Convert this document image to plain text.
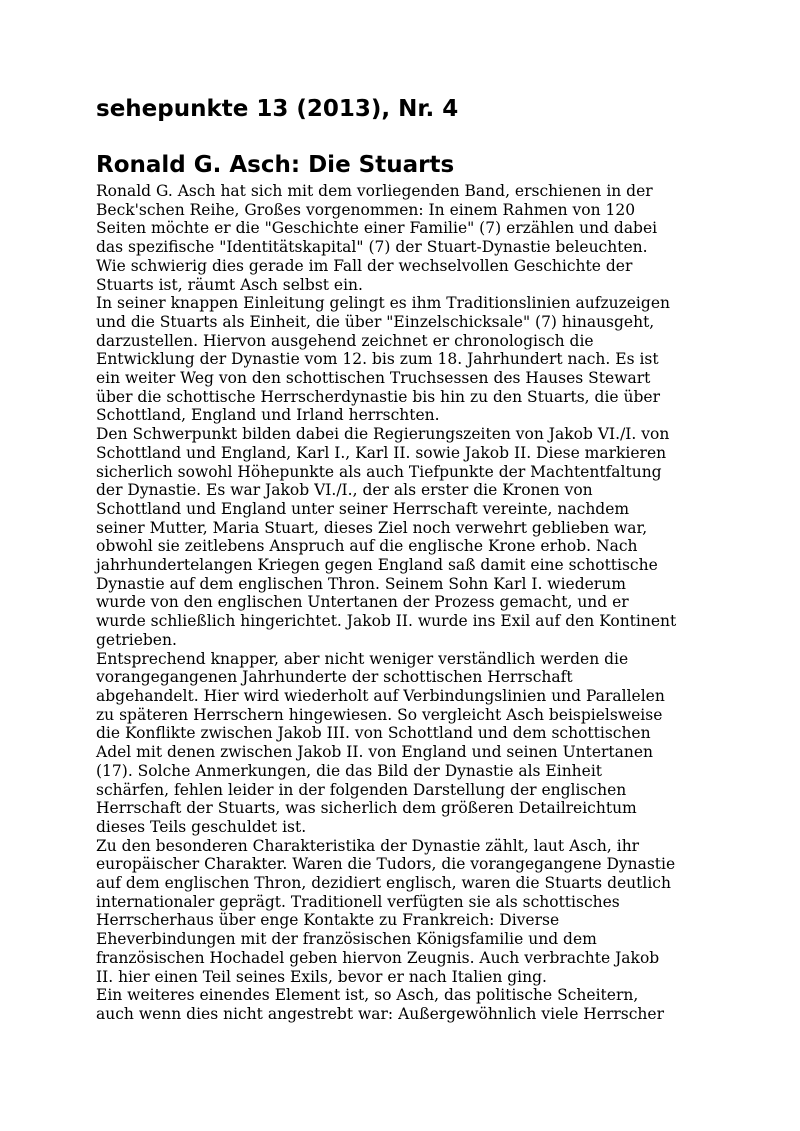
sehepunkte 13 (2013), Nr. 4
Ronald G. Asch: Die Stuarts
Ronald G. Asch hat sich mit dem vorliegenden Band, erschienen in der
Beck'schen Reihe, Großes vorgenommen: In einem Rahmen von 120
Seiten möchte er die "Geschichte einer Familie" (7) erzählen und dabei
das spezifische "Identitätskapital" (7) der Stuart-Dynastie beleuchten.
Wie schwierig dies gerade im Fall der wechselvollen Geschichte der
Stuarts ist, räumt Asch selbst ein.
In seiner knappen Einleitung gelingt es ihm Traditionslinien aufzuzeigen
und die Stuarts als Einheit, die über "Einzelschicksale" (7) hinausgeht,
darzustellen. Hiervon ausgehend zeichnet er chronologisch die
Entwicklung der Dynastie vom 12. bis zum 18. Jahrhundert nach. Es ist
ein weiter Weg von den schottischen Truchsessen des Hauses Stewart
über die schottische Herrscherdynastie bis hin zu den Stuarts, die über
Schottland, England und Irland herrschten.
Den Schwerpunkt bilden dabei die Regierungszeiten von Jakob VI./I. von
Schottland und England, Karl I., Karl II. sowie Jakob II. Diese markieren
sicherlich sowohl Höhepunkte als auch Tiefpunkte der Machtentfaltung
der Dynastie. Es war Jakob VI./I., der als erster die Kronen von
Schottland und England unter seiner Herrschaft vereinte, nachdem
seiner Mutter, Maria Stuart, dieses Ziel noch verwehrt geblieben war,
obwohl sie zeitlebens Anspruch auf die englische Krone erhob. Nach
jahrhundertelangen Kriegen gegen England saß damit eine schottische
Dynastie auf dem englischen Thron. Seinem Sohn Karl I. wiederum
wurde von den englischen Untertanen der Prozess gemacht, und er
wurde schließlich hingerichtet. Jakob II. wurde ins Exil auf den Kontinent
getrieben.
Entsprechend knapper, aber nicht weniger verständlich werden die
vorangegangenen Jahrhunderte der schottischen Herrschaft
abgehandelt. Hier wird wiederholt auf Verbindungslinien und Parallelen
zu späteren Herrschern hingewiesen. So vergleicht Asch beispielsweise
die Konflikte zwischen Jakob III. von Schottland und dem schottischen
Adel mit denen zwischen Jakob II. von England und seinen Untertanen
(17). Solche Anmerkungen, die das Bild der Dynastie als Einheit
schärfen, fehlen leider in der folgenden Darstellung der englischen
Herrschaft der Stuarts, was sicherlich dem größeren Detailreichtum
dieses Teils geschuldet ist.
Zu den besonderen Charakteristika der Dynastie zählt, laut Asch, ihr
europäischer Charakter. Waren die Tudors, die vorangegangene Dynastie
auf dem englischen Thron, dezidiert englisch, waren die Stuarts deutlich
internationaler geprägt. Traditionell verfügten sie als schottisches
Herrscherhaus über enge Kontakte zu Frankreich: Diverse
Eheverbindungen mit der französischen Königsfamilie und dem
französischen Hochadel geben hiervon Zeugnis. Auch verbrachte Jakob
II. hier einen Teil seines Exils, bevor er nach Italien ging.
Ein weiteres einendes Element ist, so Asch, das politische Scheitern,
auch wenn dies nicht angestrebt war: Außergewöhnlich viele Herrscher
